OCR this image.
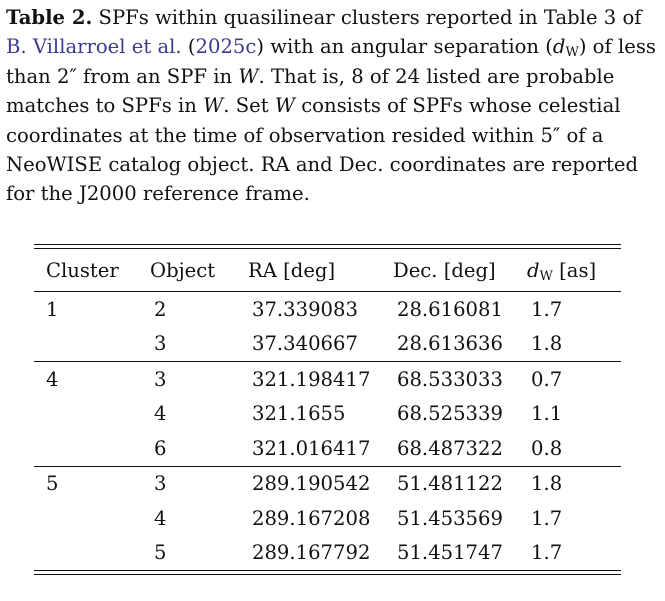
Table 2. SPFs within quasilinear clusters reported in Table 3 of B. Villarroel et al. (2025c) with an angular separation $(d_W)$ of less than 2″ from an SPF in W. That is, 8 of 24 listed are probable matches to SPFs in W. Set W consists of SPFs whose celestial coordinates at the time of observation resided within 5″ of a NeoWISE catalog object. RA and Dec. coordinates are reported for the J2000 reference frame.
Cluster	Object	RA [deg]	Dec. [deg]	$d_W$ [as]
1	2	37.339083	28.616081	1.7
	3	37.340667	28.613636	1.8
4	3	321.198417	68.533033	0.7
	4	321.1655	68.525339	1.1
	6	321.016417	68.487322	0.8
5	3	289.190542	51.481122	1.8
	4	289.167208	51.453569	1.7
	5	289.167792	51.451747	1.7
